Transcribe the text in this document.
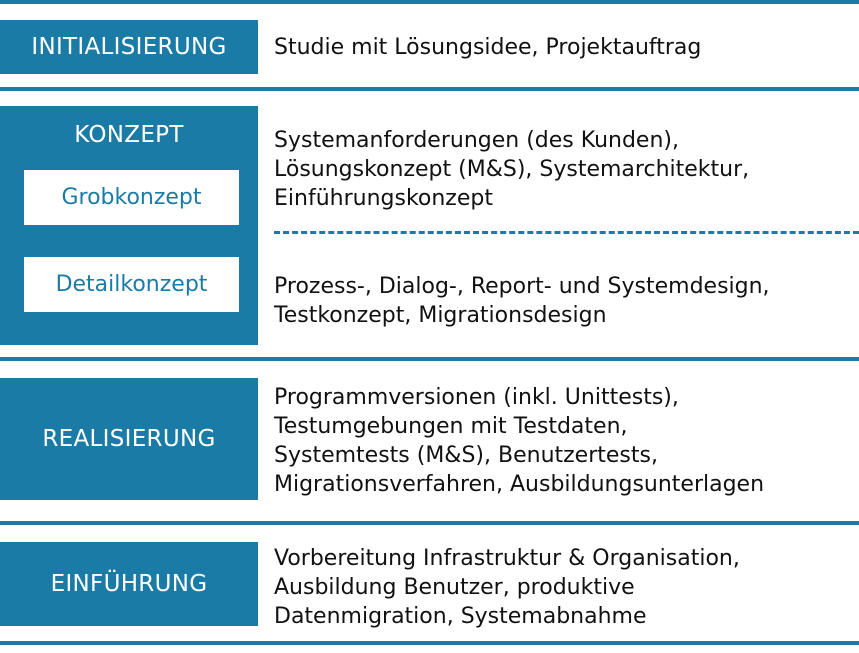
INITIALISIERUNG Studie mit Lösungsidee, Projektauftrag
KONZEPT
Grobkonzept
Detailkonzept
Systemanforderungen (des Kunden),
Lösungskonzept (M&S), Systemarchitektur,
Einführungskonzept
Prozess-, Dialog-, Report- und Systemdesign,
Testkonzept, Migrationsdesign
REALISIERUNG
Programmversionen (inkl. Unittests),
Testumgebungen mit Testdaten,
Systemtests (M&S), Benutzertests,
Migrationsverfahren, Ausbildungsunterlagen
EINFÜHRUNG
Vorbereitung Infrastruktur & Organisation,
Ausbildung Benutzer, produktive
Datenmigration, Systemabnahme
